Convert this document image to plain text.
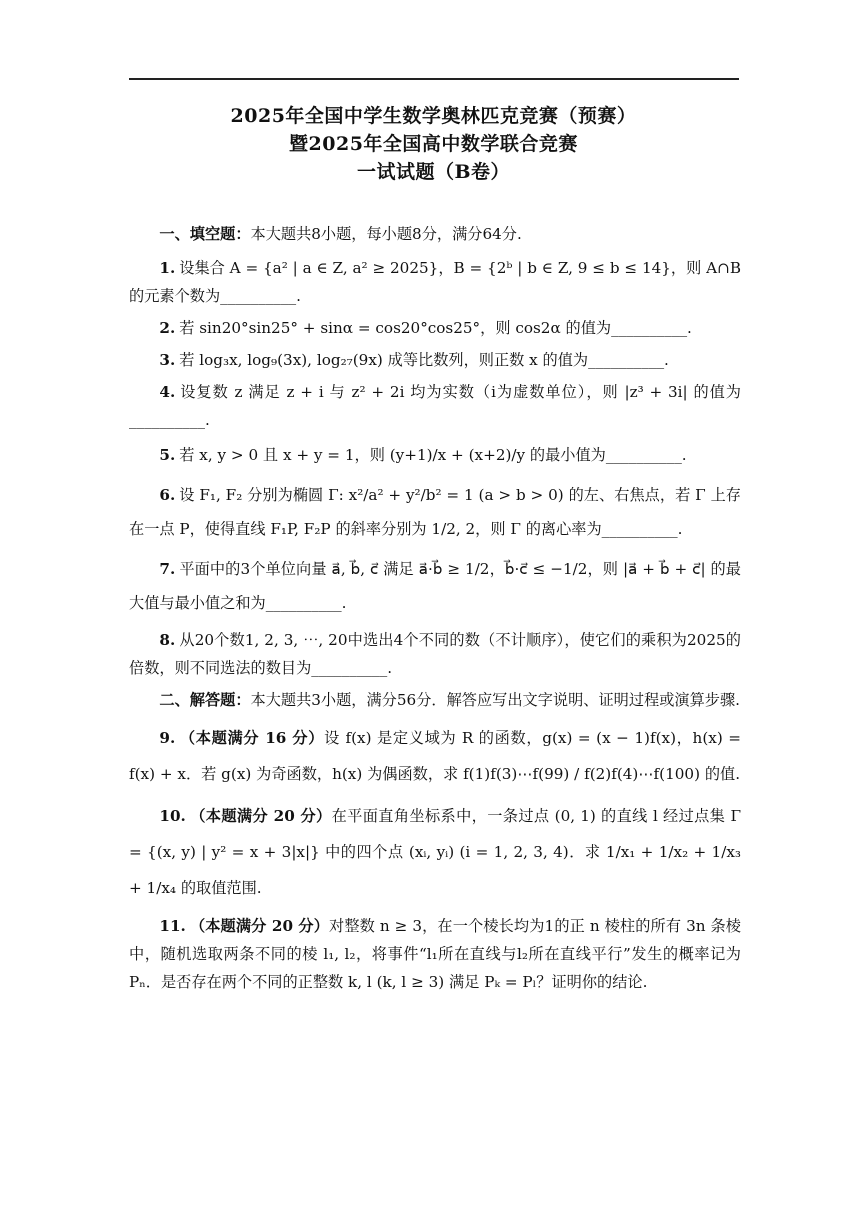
2025年全国中学生数学奥林匹克竞赛（预赛）
暨2025年全国高中数学联合竞赛
一试试题（B卷）

一、填空题：本大题共8小题，每小题8分，满分64分.

1. 设集合 A = {a² | a ∈ Z, a² ≥ 2025}，B = {2ᵇ | b ∈ Z, 9 ≤ b ≤ 14}，则 A∩B 的元素个数为__________.

2. 若 sin20°sin25° + sinα = cos20°cos25°，则 cos2α 的值为__________.

3. 若 log₃x, log₉(3x), log₂₇(9x) 成等比数列，则正数 x 的值为__________.

4. 设复数 z 满足 z + i 与 z² + 2i 均为实数（i为虚数单位），则 |z³ + 3i| 的值为__________.

5. 若 x, y > 0 且 x + y = 1，则 (y+1)/x + (x+2)/y 的最小值为__________.

6. 设 F₁, F₂ 分别为椭圆 Γ: x²/a² + y²/b² = 1 (a > b > 0) 的左、右焦点，若 Γ 上存在一点 P，使得直线 F₁P, F₂P 的斜率分别为 1/2, 2，则 Γ 的离心率为__________.

7. 平面中的3个单位向量 a⃗, b⃗, c⃗ 满足 a⃗·b⃗ ≥ 1/2，b⃗·c⃗ ≤ −1/2，则 |a⃗ + b⃗ + c⃗| 的最大值与最小值之和为__________.

8. 从20个数1, 2, 3, ⋯, 20中选出4个不同的数（不计顺序），使它们的乘积为2025的倍数，则不同选法的数目为__________.

二、解答题：本大题共3小题，满分56分．解答应写出文字说明、证明过程或演算步骤.

9. （本题满分 16 分）设 f(x) 是定义域为 R 的函数，g(x) = (x − 1)f(x)，h(x) = f(x) + x．若 g(x) 为奇函数，h(x) 为偶函数，求 f(1)f(3)⋯f(99) / f(2)f(4)⋯f(100) 的值.

10. （本题满分 20 分）在平面直角坐标系中，一条过点 (0, 1) 的直线 l 经过点集 Γ = {(x, y) | y² = x + 3|x|} 中的四个点 (xᵢ, yᵢ) (i = 1, 2, 3, 4)．求 1/x₁ + 1/x₂ + 1/x₃ + 1/x₄ 的取值范围.

11. （本题满分 20 分）对整数 n ≥ 3，在一个棱长均为1的正 n 棱柱的所有 3n 条棱中，随机选取两条不同的棱 l₁, l₂，将事件“l₁所在直线与l₂所在直线平行”发生的概率记为 Pₙ．是否存在两个不同的正整数 k, l (k, l ≥ 3) 满足 Pₖ = Pₗ？证明你的结论.
